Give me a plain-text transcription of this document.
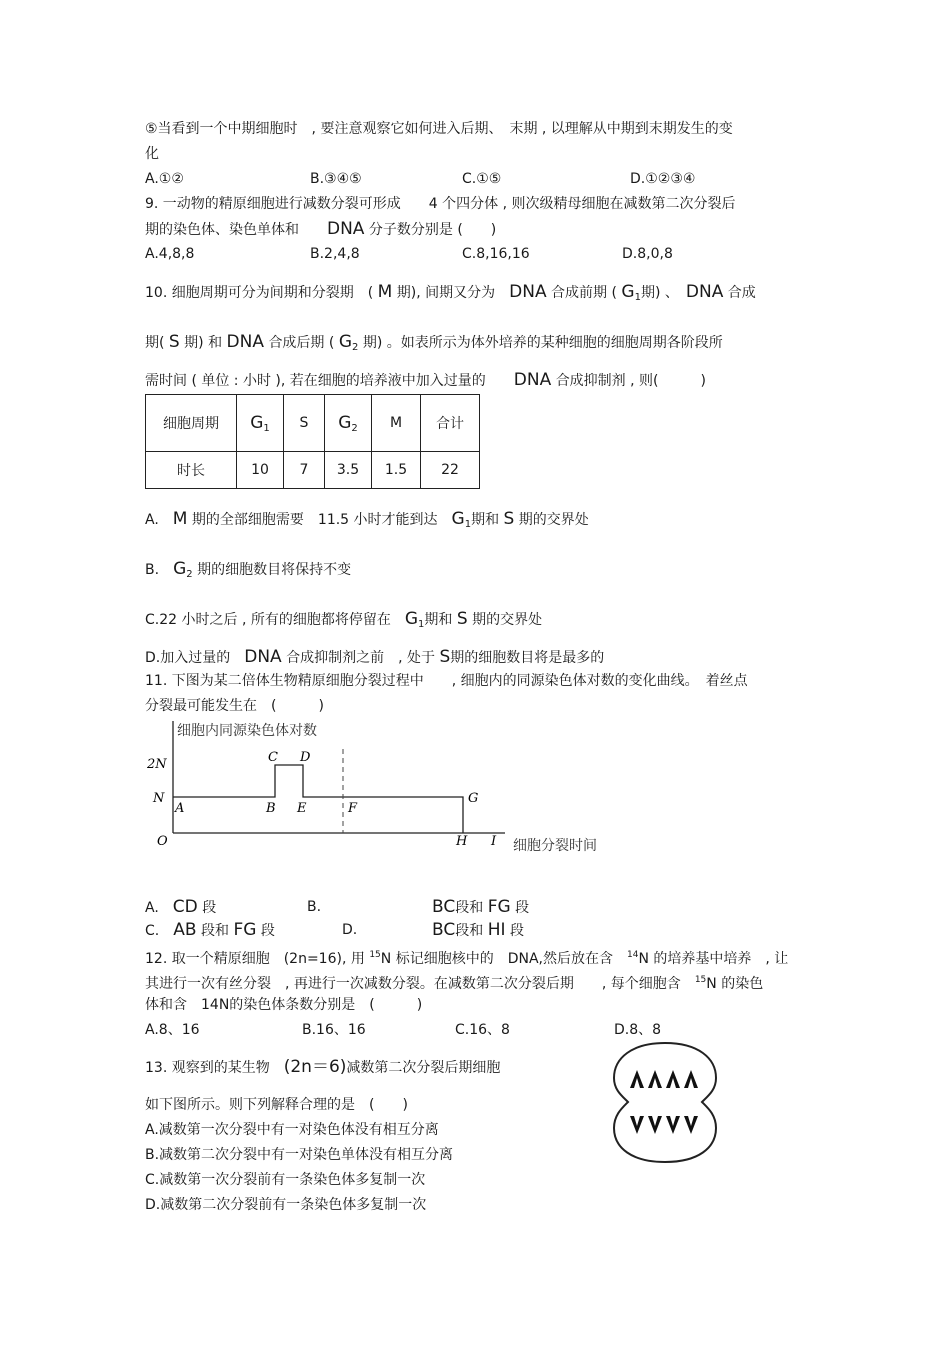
⑤当看到一个中期细胞时　, 要注意观察它如何进入后期、　末期 , 以理解从中期到末期发生的变
化
A.①②	B.③④⑤	C.①⑤	D.①②③④
9. 一动物的精原细胞进行减数分裂可形成　　4 个四分体 , 则次级精母细胞在减数第二次分裂后
期的染色体、染色单体和　　 DNA 分子数分别是 (　　)
A.4,8,8	B.2,4,8	C.8,16,16	D.8,0,8
10. 细胞周期可分为间期和分裂期　( M 期), 间期又分为　 DNA 合成前期 ( $G_1$期) 、　 DNA 合成
期( S 期) 和 DNA 合成后期 ( $G_2$ 期) 。如表所示为体外培养的某种细胞的细胞周期各阶段所
需时间 ( 单位 : 小时 ), 若在细胞的培养液中加入过量的　　 DNA 合成抑制剂 , 则(　　　)
细胞周期	$G_1$	S	$G_2$	M	合计
时长	10	7	3.5	1.5	22
A.　 M 期的全部细胞需要　 11.5 小时才能到达　 $G_1$期和 S 期的交界处
B.　 $G_2$ 期的细胞数目将保持不变
C.22 小时之后 , 所有的细胞都将停留在　 $G_1$期和 S 期的交界处
D.加入过量的　 DNA 合成抑制剂之前　, 处于 S期的细胞数目将是最多的
11. 下图为某二倍体生物精原细胞分裂过程中　　, 细胞内的同源染色体对数的变化曲线。　着丝点
分裂最可能发生在　(　　　)
细胞内同源染色体对数
细胞分裂时间
2N
N
O
A	B
C D
E	F
G
H I
A.　 CD 段	B.	BC段和 FG 段
C.　 AB 段和 FG 段	D.	BC段和 HI 段
12. 取一个精原细胞　(2n=16), 用 $^{15}$N 标记细胞核中的　DNA,然后放在含　 $^{14}$N 的培养基中培养　, 让
其进行一次有丝分裂　, 再进行一次减数分裂。在减数第二次分裂后期　　, 每个细胞含　 $^{15}$N 的染色
体和含　14N的染色体条数分别是　(　　　)
A.8、16	B.16、16	C.16、8	D.8、8
13. 观察到的某生物　 (2n＝6)减数第二次分裂后期细胞
如下图所示。则下列解释合理的是　(　　)
A.减数第一次分裂中有一对染色体没有相互分离
B.减数第二次分裂中有一对染色单体没有相互分离
C.减数第一次分裂前有一条染色体多复制一次
D.减数第二次分裂前有一条染色体多复制一次
